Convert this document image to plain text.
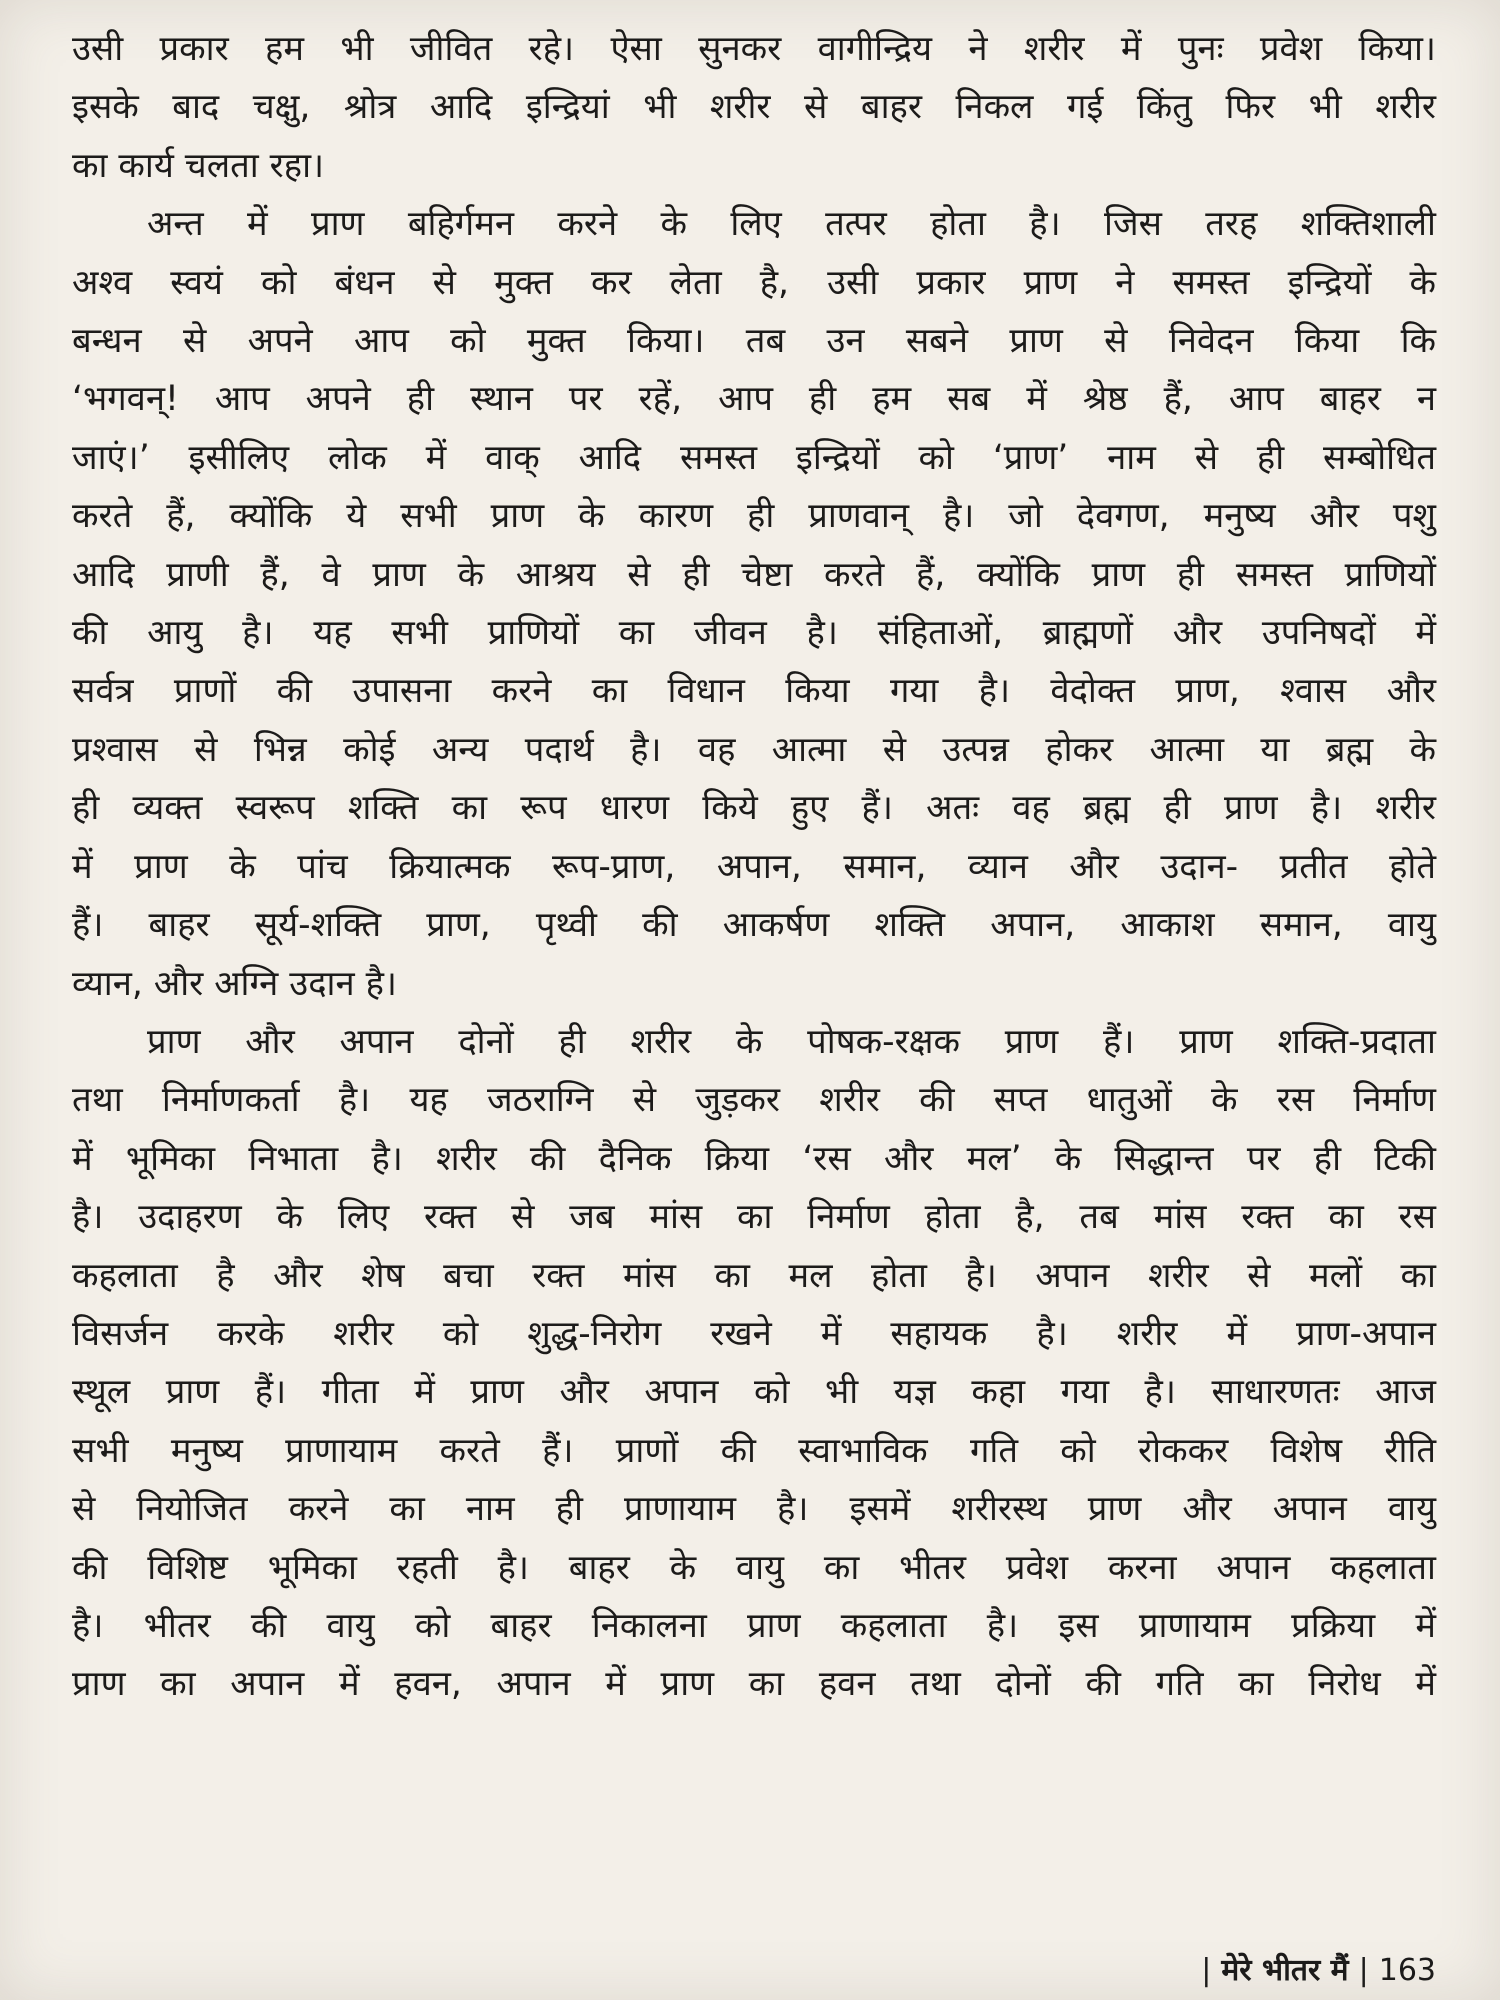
उसी प्रकार हम भी जीवित रहे। ऐसा सुनकर वागीन्द्रिय ने शरीर में पुनः प्रवेश किया।

इसके बाद चक्षु, श्रोत्र आदि इन्द्रियां भी शरीर से बाहर निकल गई किंतु फिर भी शरीर

का कार्य चलता रहा।

अन्त में प्राण बहिर्गमन करने के लिए तत्पर होता है। जिस तरह शक्तिशाली

अश्व स्वयं को बंधन से मुक्त कर लेता है, उसी प्रकार प्राण ने समस्त इन्द्रियों के

बन्धन से अपने आप को मुक्त किया। तब उन सबने प्राण से निवेदन किया कि

‘भगवन्! आप अपने ही स्थान पर रहें, आप ही हम सब में श्रेष्ठ हैं, आप बाहर न

जाएं।’ इसीलिए लोक में वाक् आदि समस्त इन्द्रियों को ‘प्राण’ नाम से ही सम्बोधित

करते हैं, क्योंकि ये सभी प्राण के कारण ही प्राणवान् है। जो देवगण, मनुष्य और पशु

आदि प्राणी हैं, वे प्राण के आश्रय से ही चेष्टा करते हैं, क्योंकि प्राण ही समस्त प्राणियों

की आयु है। यह सभी प्राणियों का जीवन है। संहिताओं, ब्राह्मणों और उपनिषदों में

सर्वत्र प्राणों की उपासना करने का विधान किया गया है। वेदोक्त प्राण, श्वास और

प्रश्वास से भिन्न कोई अन्य पदार्थ है। वह आत्मा से उत्पन्न होकर आत्मा या ब्रह्म के

ही व्यक्त स्वरूप शक्ति का रूप धारण किये हुए हैं। अतः वह ब्रह्म ही प्राण है। शरीर

में प्राण के पांच क्रियात्मक रूप-प्राण, अपान, समान, व्यान और उदान- प्रतीत होते

हैं। बाहर सूर्य-शक्ति प्राण, पृथ्वी की आकर्षण शक्ति अपान, आकाश समान, वायु

व्यान, और अग्नि उदान है।

प्राण और अपान दोनों ही शरीर के पोषक-रक्षक प्राण हैं। प्राण शक्ति-प्रदाता

तथा निर्माणकर्ता है। यह जठराग्नि से जुड़कर शरीर की सप्त धातुओं के रस निर्माण

में भूमिका निभाता है। शरीर की दैनिक क्रिया ‘रस और मल’ के सिद्धान्त पर ही टिकी

है। उदाहरण के लिए रक्त से जब मांस का निर्माण होता है, तब मांस रक्त का रस

कहलाता है और शेष बचा रक्त मांस का मल होता है। अपान शरीर से मलों का

विसर्जन करके शरीर को शुद्ध-निरोग रखने में सहायक है। शरीर में प्राण-अपान

स्थूल प्राण हैं। गीता में प्राण और अपान को भी यज्ञ कहा गया है। साधारणतः आज

सभी मनुष्य प्राणायाम करते हैं। प्राणों की स्वाभाविक गति को रोककर विशेष रीति

से नियोजित करने का नाम ही प्राणायाम है। इसमें शरीरस्थ प्राण और अपान वायु

की विशिष्ट भूमिका रहती है। बाहर के वायु का भीतर प्रवेश करना अपान कहलाता

है। भीतर की वायु को बाहर निकालना प्राण कहलाता है। इस प्राणायाम प्रक्रिया में

प्राण का अपान में हवन, अपान में प्राण का हवन तथा दोनों की गति का निरोध में

| मेरे भीतर मैं | 163
